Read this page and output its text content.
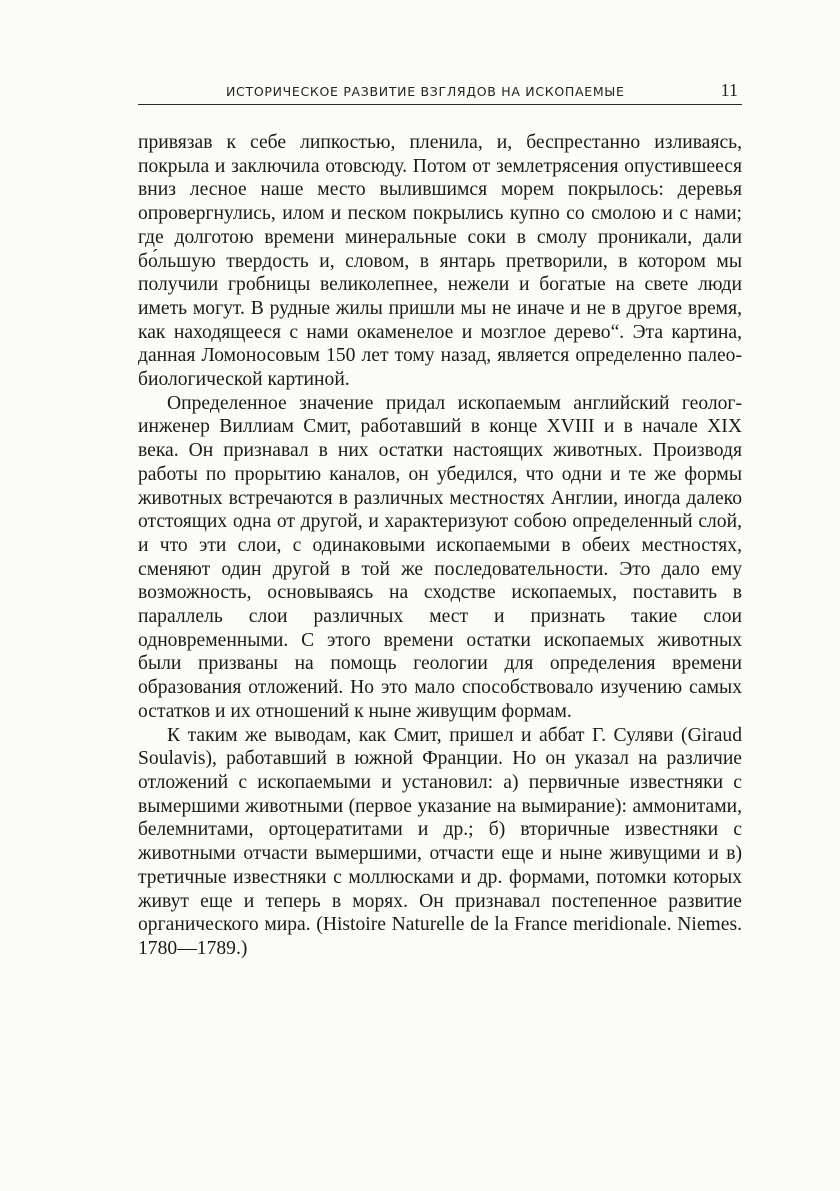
ИСТОРИЧЕСКОЕ РАЗВИТИЕ ВЗГЛЯДОВ НА ИСКОПАЕМЫЕ	11

привязав к себе липкостью, пленила, и, беспрестанно изливаясь, покрыла и заключила отовсюду. Потом от землетрясения опустившееся вниз лесное наше место вылившимся морем покрылось: деревья опровергнулись, илом и песком покрылись купно со смолою и с нами; где долготою времени минеральные соки в смолу проникали, дали бо́льшую твердость и, словом, в янтарь претворили, в котором мы получили гробницы великолепнее, нежели и богатые на свете люди иметь могут. В рудные жилы пришли мы не иначе и не в другое время, как находящееся с нами окаменелое и мозглое дерево“. Эта картина, данная Ломоносовым 150 лет тому назад, является определенно палео-биологической картиной.

Определенное значение придал ископаемым английский геолог-инженер Виллиам Смит, работавший в конце XVIII и в начале XIX века. Он признавал в них остатки настоящих животных. Производя работы по прорытию каналов, он убедился, что одни и те же формы животных встречаются в различных местностях Англии, иногда далеко отстоящих одна от другой, и характеризуют собою определенный слой, и что эти слои, с одинаковыми ископаемыми в обеих местностях, сменяют один другой в той же последовательности. Это дало ему возможность, основываясь на сходстве ископаемых, поставить в параллель слои различных мест и признать такие слои одновременными. С этого времени остатки ископаемых животных были призваны на помощь геологии для определения времени образования отложений. Но это мало способствовало изучению самых остатков и их отношений к ныне живущим формам.

К таким же выводам, как Смит, пришел и аббат Г. Суляви (Giraud Soulavis), работавший в южной Франции. Но он указал на различие отложений с ископаемыми и установил: а) первичные известняки с вымершими животными (первое указание на вымирание): аммонитами, белемнитами, ортоцератитами и др.; б) вторичные известняки с животными отчасти вымершими, отчасти еще и ныне живущими и в) третичные известняки с моллюсками и др. формами, потомки которых живут еще и теперь в морях. Он признавал постепенное развитие органического мира. (Histoire Naturelle de la France meridionale. Niemes. 1780—1789.)
